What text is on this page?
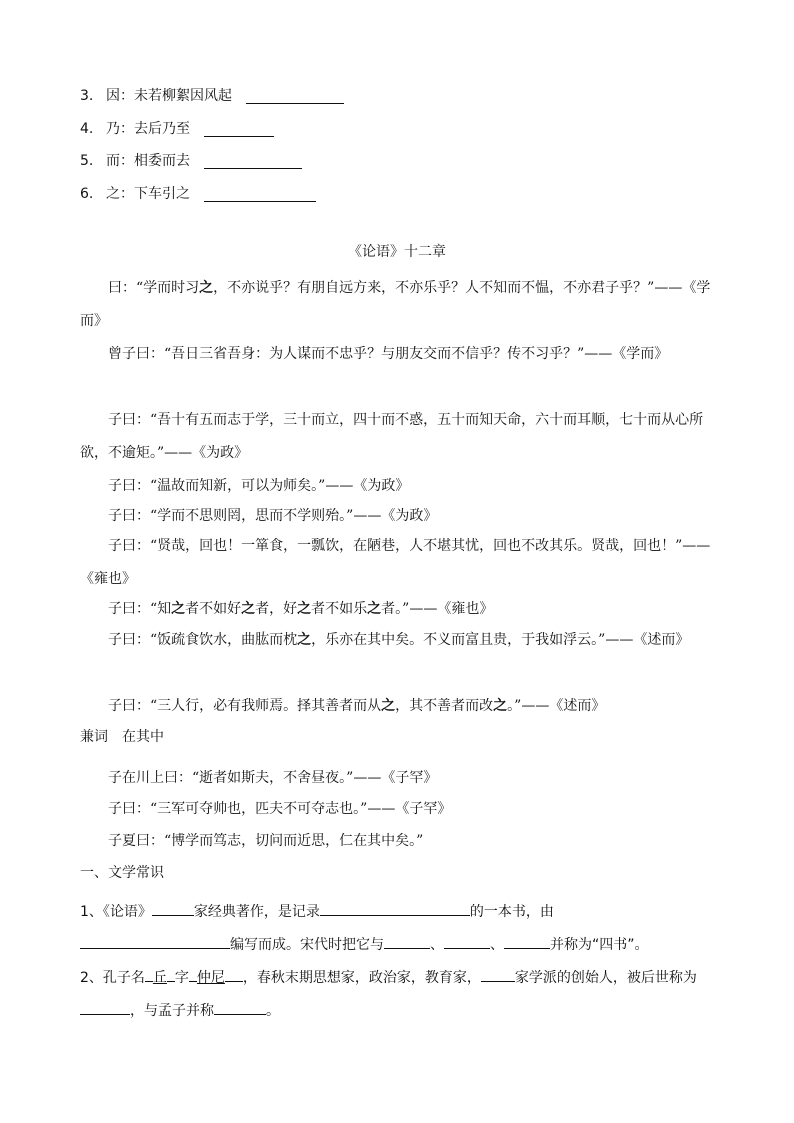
3. 因：未若柳絮因风起
4. 乃：去后乃至
5. 而：相委而去
6. 之：下车引之
《论语》十二章
曰：“学而时习之，不亦说乎？有朋自远方来，不亦乐乎？人不知而不愠，不亦君子乎？”——《学而》
曾子曰：“吾日三省吾身：为人谋而不忠乎？与朋友交而不信乎？传不习乎？”——《学而》
子曰：“吾十有五而志于学，三十而立，四十而不惑，五十而知天命，六十而耳顺，七十而从心所欲，不逾矩。”——《为政》
子曰：“温故而知新，可以为师矣。”——《为政》
子曰：“学而不思则罔，思而不学则殆。”——《为政》
子曰：“贤哉，回也！一箪食，一瓢饮，在陋巷，人不堪其忧，回也不改其乐。贤哉，回也！”——《雍也》
子曰：“知之者不如好之者，好之者不如乐之者。”——《雍也》
子曰：“饭疏食饮水，曲肱而枕之，乐亦在其中矣。不义而富且贵，于我如浮云。”——《述而》
子曰：“三人行，必有我师焉。择其善者而从之，其不善者而改之。”——《述而》
兼词　在其中
子在川上曰：“逝者如斯夫，不舍昼夜。”——《子罕》
子曰：“三军可夺帅也，匹夫不可夺志也。”——《子罕》
子夏曰：“博学而笃志，切问而近思，仁在其中矣。”
一、文学常识
1、《论语》	家经典著作，是记录	的一本书，由
编写而成。宋代时把它与	、	、	并称为“四书”。
2、孔子名 丘 字 仲尼 ，春秋末期思想家，政治家，教育家， 家学派的创始人，被后世称为，与孟子并称	。
